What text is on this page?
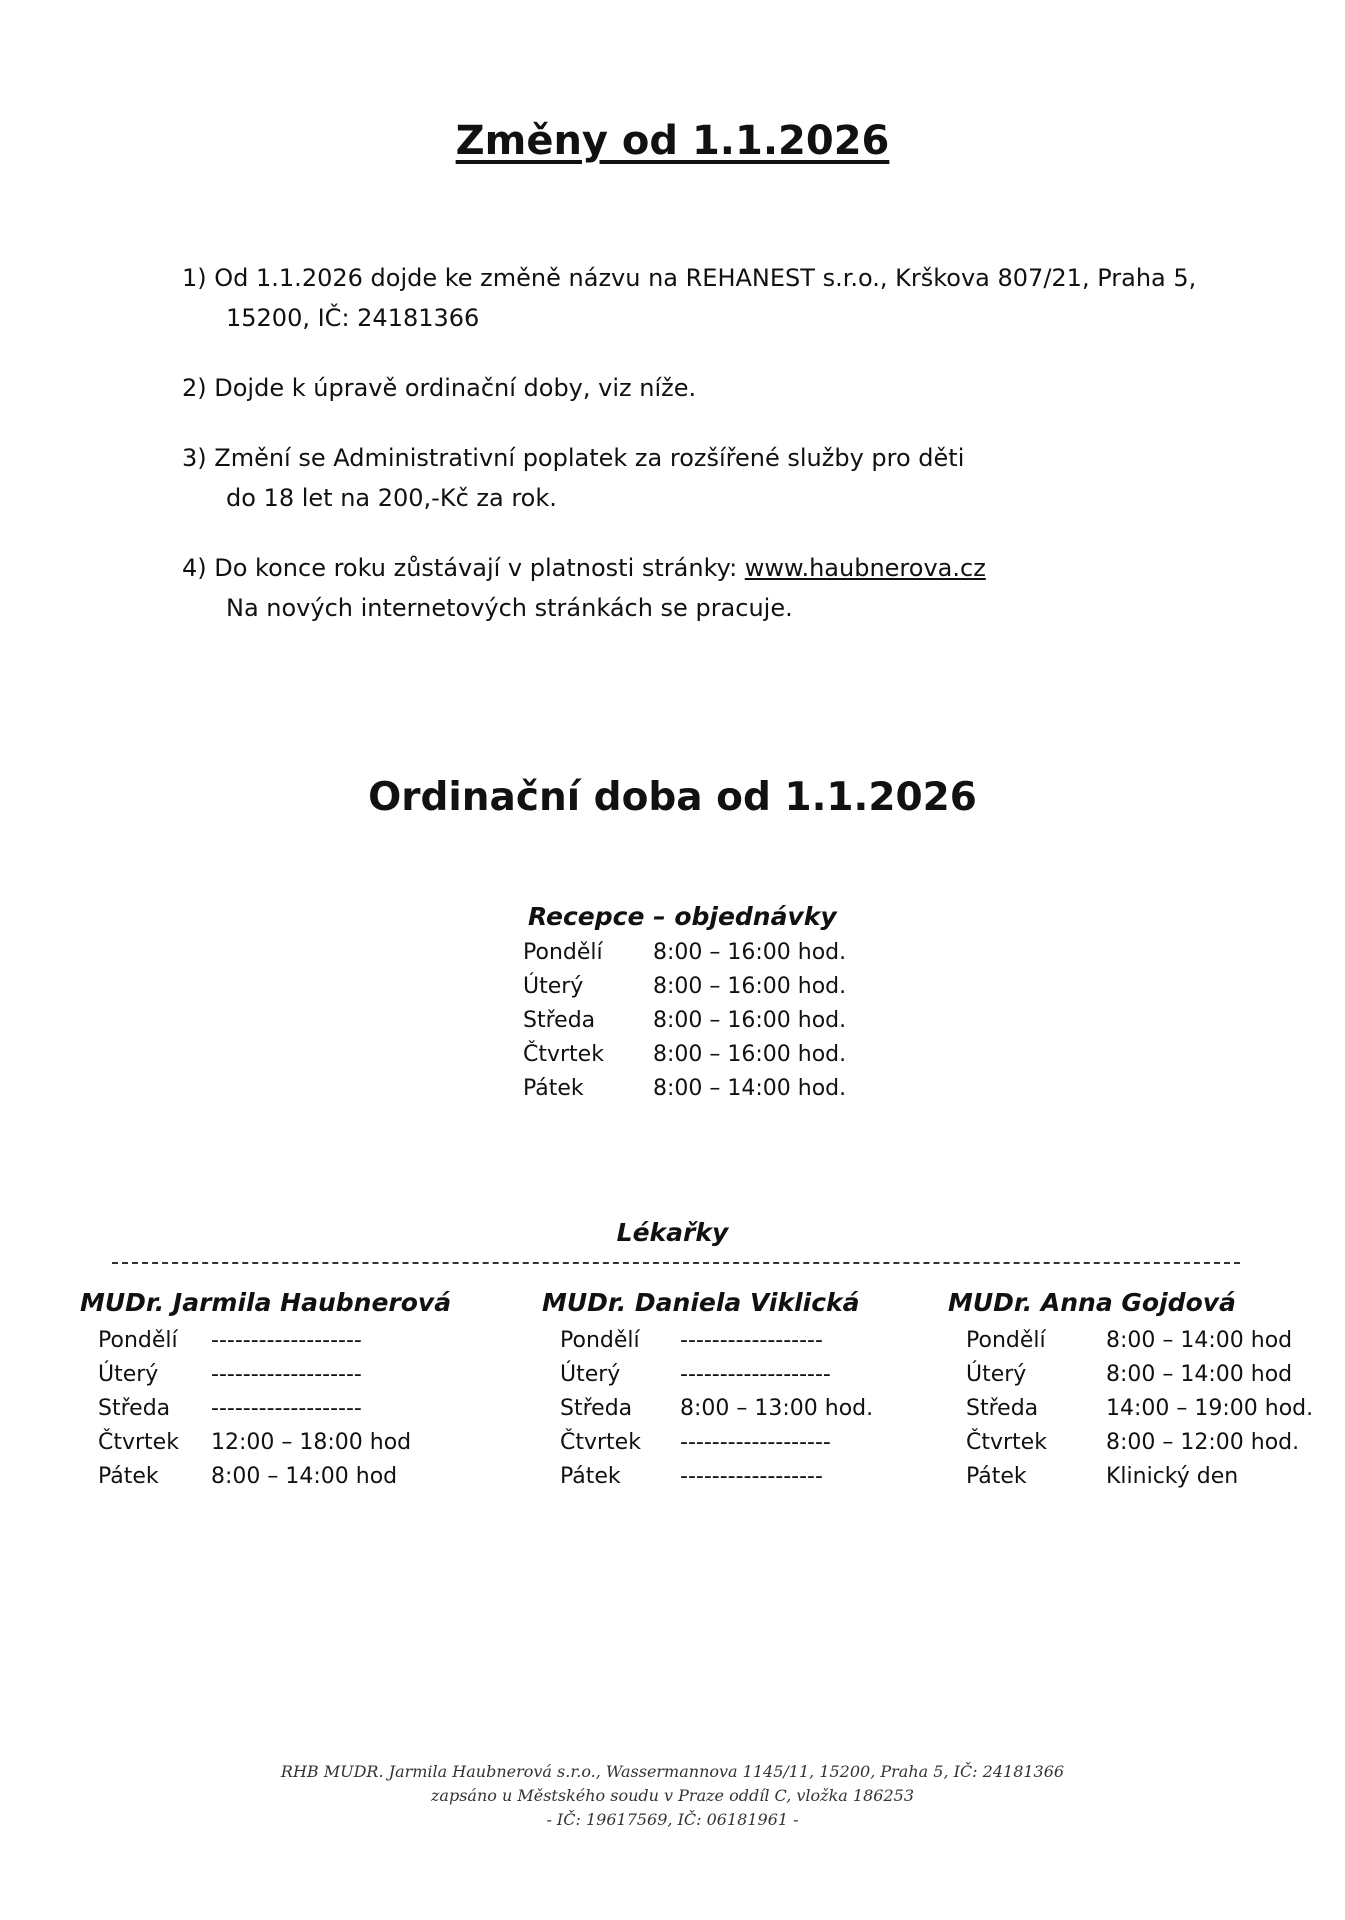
Změny od 1.1.2026
1) Od 1.1.2026 dojde ke změně názvu na REHANEST s.r.o., Krškova 807/21, Praha 5,
15200, IČ: 24181366
2) Dojde k úpravě ordinační doby, viz níže.
3) Změní se Administrativní poplatek za rozšířené služby pro děti
do 18 let na 200,-Kč za rok.
4) Do konce roku zůstávají v platnosti stránky: www.haubnerova.cz
Na nových internetových stránkách se pracuje.
Ordinační doba od 1.1.2026
Recepce – objednávky
Pondělí	8:00 – 16:00 hod.
Úterý	8:00 – 16:00 hod.
Středa	8:00 – 16:00 hod.
Čtvrtek	8:00 – 16:00 hod.
Pátek	8:00 – 14:00 hod.
Lékařky
MUDr. Jarmila Haubnerová
Pondělí	-------------------
Úterý	-------------------
Středa	-------------------
Čtvrtek	12:00 – 18:00 hod
Pátek	8:00 – 14:00 hod
MUDr. Daniela Viklická
Pondělí	------------------
Úterý	-------------------
Středa	8:00 – 13:00 hod.
Čtvrtek	-------------------
Pátek	------------------
MUDr. Anna Gojdová
Pondělí	8:00 – 14:00 hod
Úterý	8:00 – 14:00 hod
Středa	14:00 – 19:00 hod.
Čtvrtek	8:00 – 12:00 hod.
Pátek	Klinický den
RHB MUDR. Jarmila Haubnerová s.r.o., Wassermannova 1145/11, 15200, Praha 5, IČ: 24181366
zapsáno u Městského soudu v Praze oddíl C, vložka 186253
- IČ: 19617569, IČ: 06181961 -
